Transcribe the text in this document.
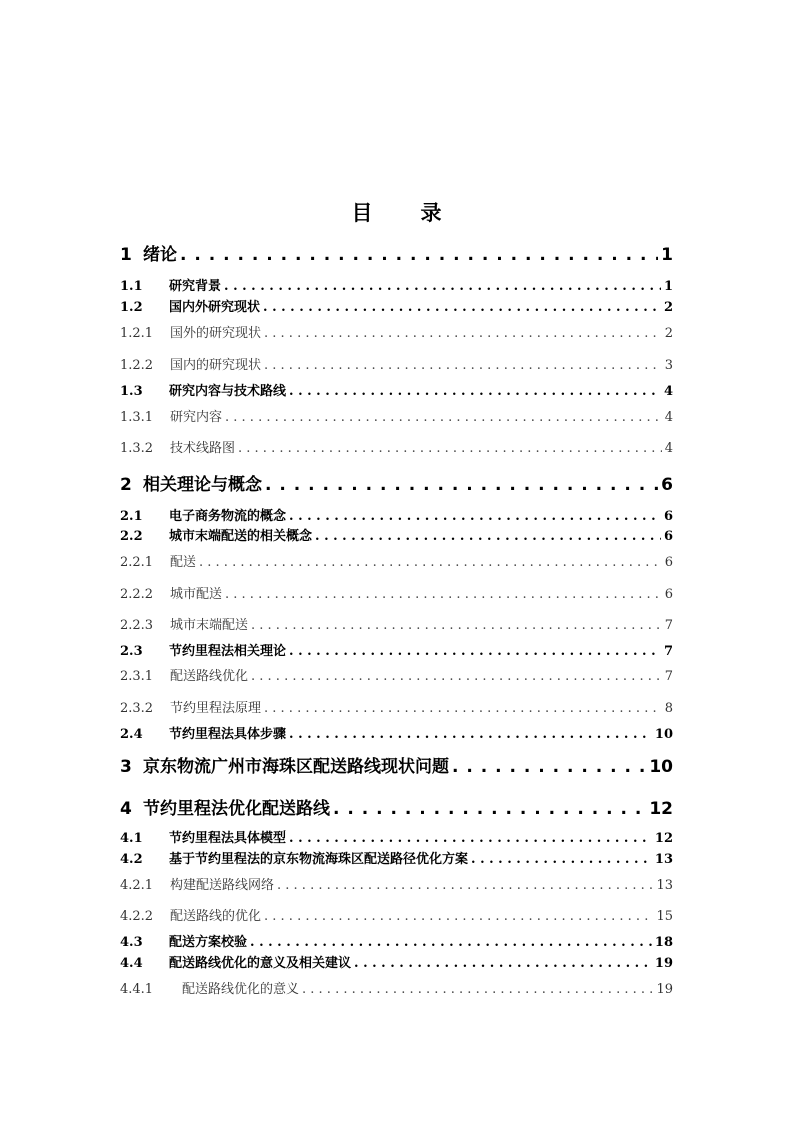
目 录
1 绪论 . . .	1
1.1	研究背景 . . .	1
1.2	国内外研究现状 . . .	2
1.2.1	国外的研究现状 . . .	2
1.2.2	国内的研究现状 . . .	3
1.3	研究内容与技术路线 . . .	4
1.3.1	研究内容 . . .	4
1.3.2	技术线路图 . . .	4
2 相关理论与概念 . . .	6
2.1	电子商务物流的概念 . . .	6
2.2	城市末端配送的相关概念 . . .	6
2.2.1	配送 . . .	6
2.2.2	城市配送 . . .	6
2.2.3	城市末端配送 . . .	7
2.3	节约里程法相关理论 . . .	7
2.3.1	配送路线优化 . . .	7
2.3.2	节约里程法原理 . . .	8
2.4	节约里程法具体步骤 . . .	10
3 京东物流广州市海珠区配送路线现状问题 . . .	10
4 节约里程法优化配送路线 . . .	12
4.1	节约里程法具体模型 . . .	12
4.2	基于节约里程法的京东物流海珠区配送路径优化方案 . . .	13
4.2.1	构建配送路线网络 . . .	13
4.2.2	配送路线的优化 . . .	15
4.3	配送方案校验 . . .	18
4.4	配送路线优化的意义及相关建议 . . .	19
4.4.1	配送路线优化的意义 . . .	19
